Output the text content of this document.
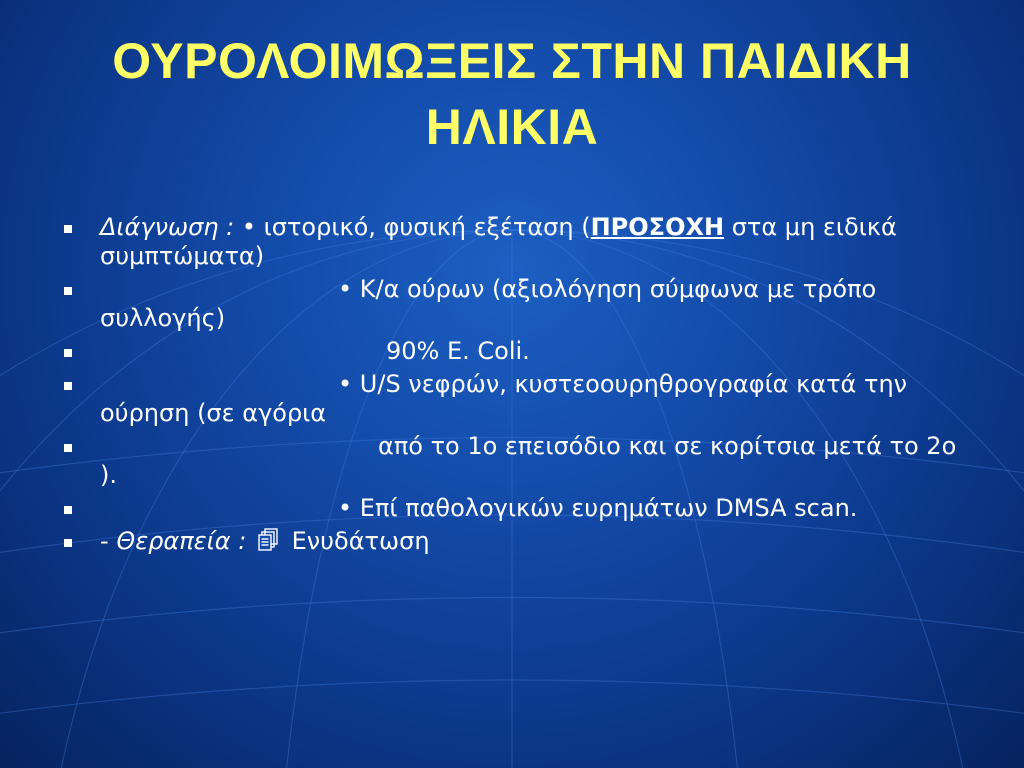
ΟΥΡΟΛΟΙΜΩΞΕΙΣ ΣΤΗΝ ΠΑΙΔΙΚΗ
ΗΛΙΚΙΑ
Διάγνωση : • ιστορικό, φυσική εξέταση (ΠΡΟΣΟΧΗ στα μη ειδικά συμπτώματα)
• Κ/α ούρων (αξιολόγηση σύμφωνα με τρόπο συλλογής)
90% E. Coli.
• U/S νεφρών, κυστεοουρηθρογραφία κατά την ούρηση (σε αγόρια
από το 1ο επεισόδιο και σε κορίτσια μετά το 2ο ).
• Επί παθολογικών ευρημάτων DMSA scan.
- Θεραπεία : Ενυδάτωση
